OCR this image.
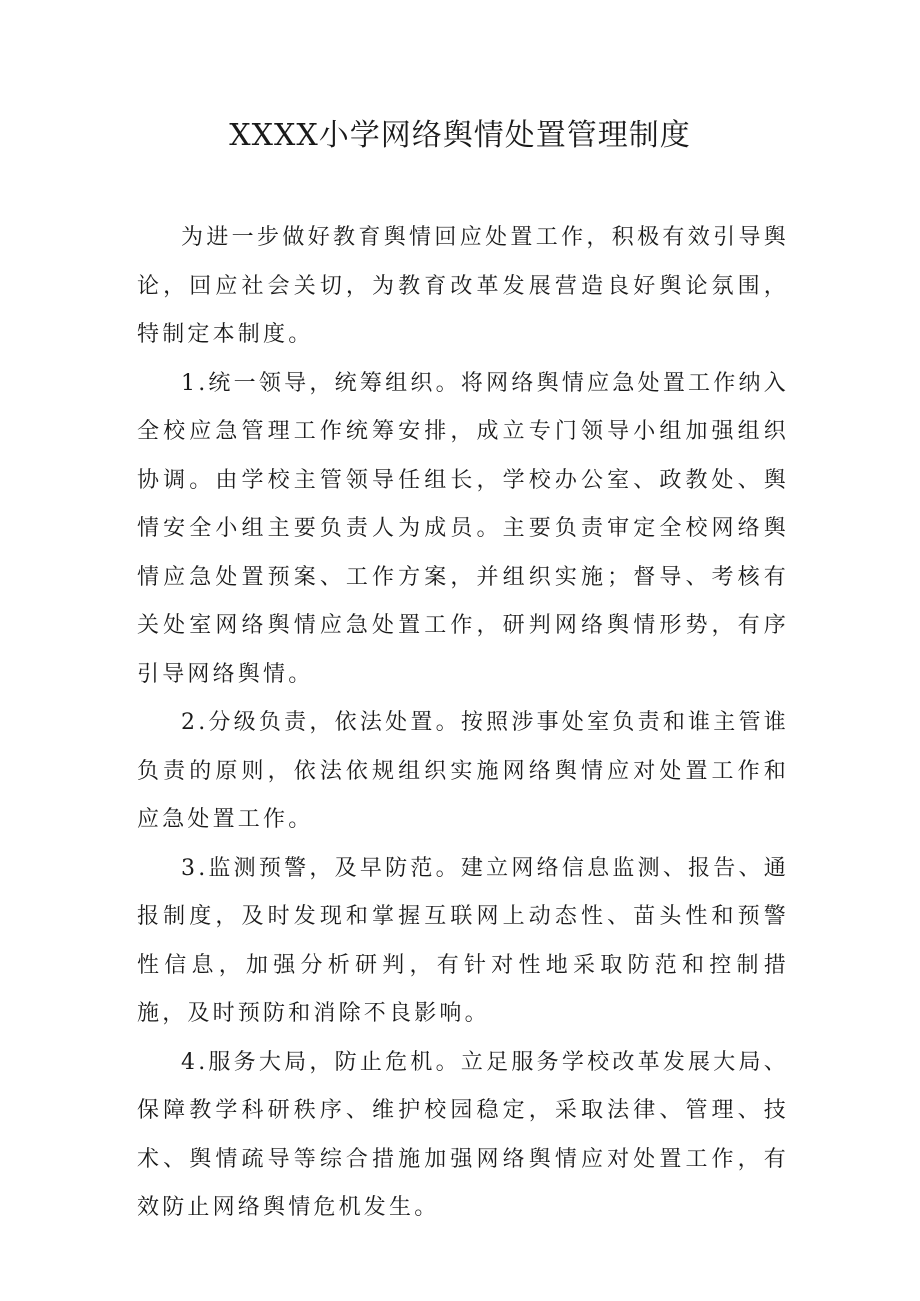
XXXX小学网络舆情处置管理制度

为进一步做好教育舆情回应处置工作，积极有效引导舆论，回应社会关切，为教育改革发展营造良好舆论氛围，特制定本制度。

1.统一领导，统筹组织。将网络舆情应急处置工作纳入全校应急管理工作统筹安排，成立专门领导小组加强组织协调。由学校主管领导任组长，学校办公室、政教处、舆情安全小组主要负责人为成员。主要负责审定全校网络舆情应急处置预案、工作方案，并组织实施；督导、考核有关处室网络舆情应急处置工作，研判网络舆情形势，有序引导网络舆情。

2.分级负责，依法处置。按照涉事处室负责和谁主管谁负责的原则，依法依规组织实施网络舆情应对处置工作和应急处置工作。

3.监测预警，及早防范。建立网络信息监测、报告、通报制度，及时发现和掌握互联网上动态性、苗头性和预警性信息，加强分析研判，有针对性地采取防范和控制措施，及时预防和消除不良影响。

4.服务大局，防止危机。立足服务学校改革发展大局、保障教学科研秩序、维护校园稳定，采取法律、管理、技术、舆情疏导等综合措施加强网络舆情应对处置工作，有效防止网络舆情危机发生。
